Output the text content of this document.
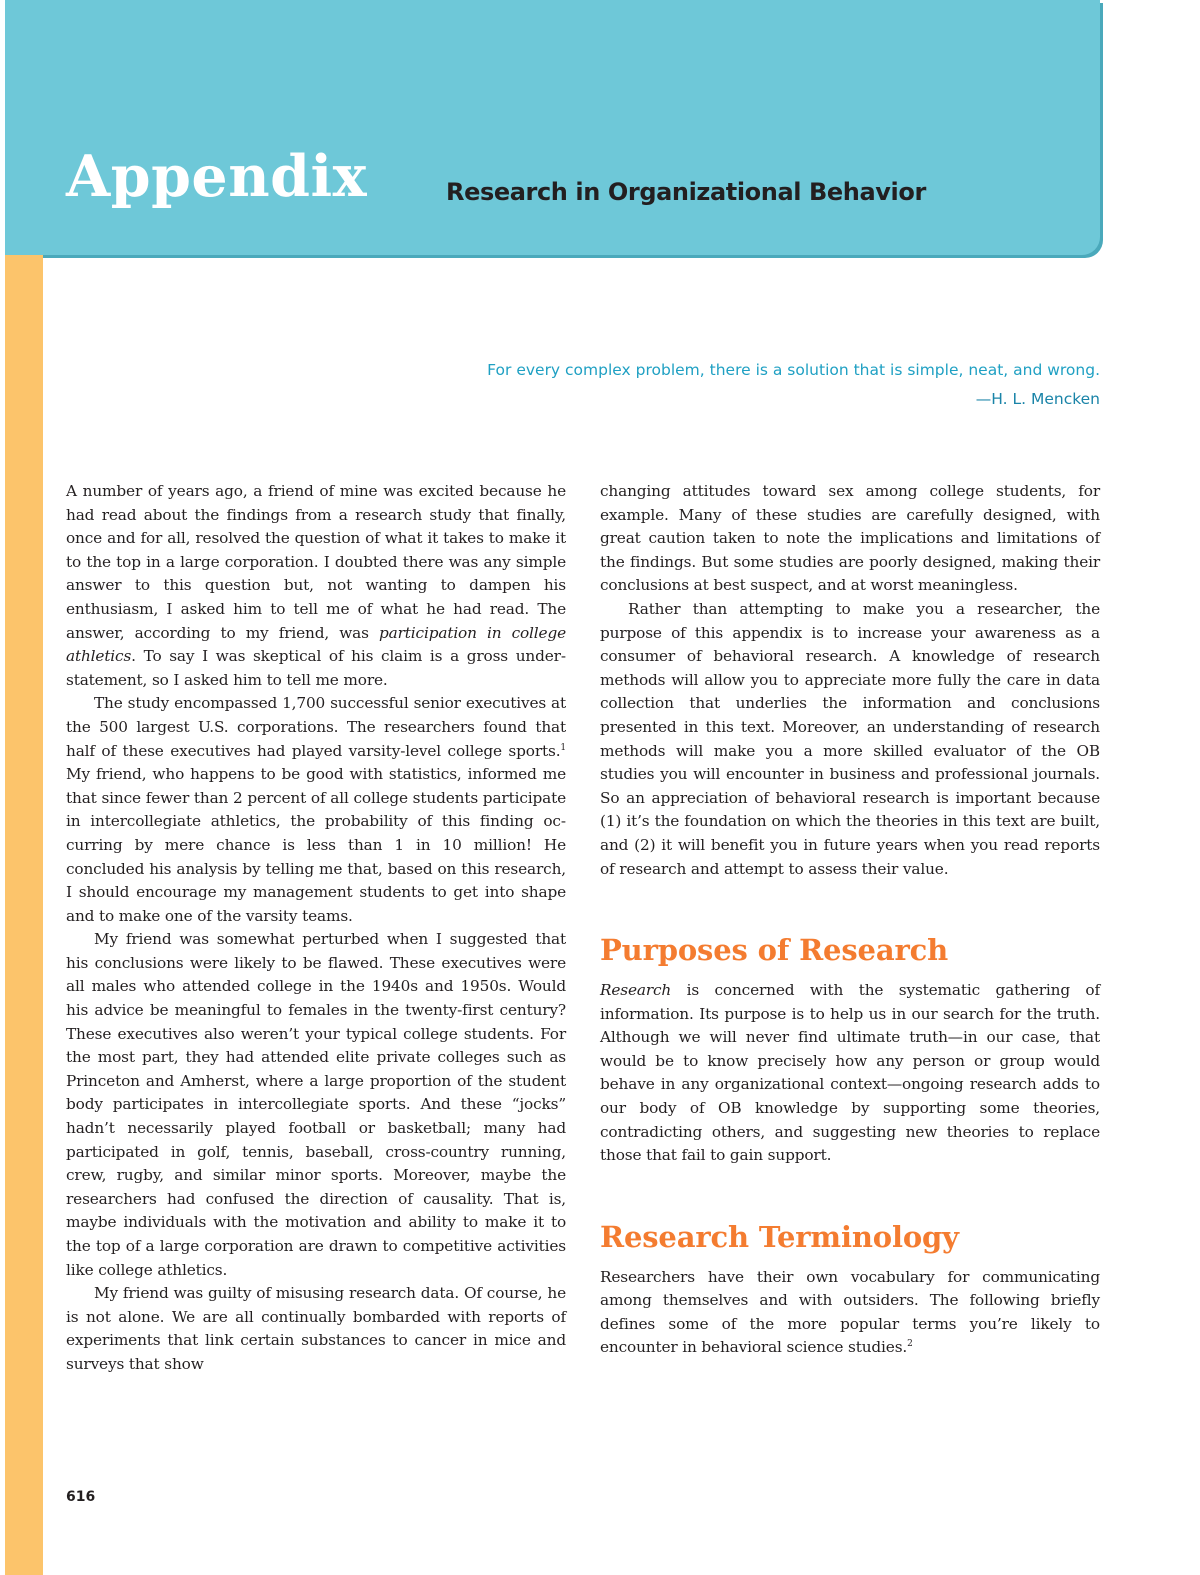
Appendix	Research in Organizational Behavior
For every complex problem, there is a solution that is simple, neat, and wrong.
—H. L. Mencken

A number of years ago, a friend of mine was excited because he had read about the findings from a research study that finally, once and for all, resolved the question of what it takes to make it to the top in a large corporation. I doubted there was any simple answer to this question but, not wanting to dampen his enthusiasm, I asked him to tell me of what he had read. The answer, according to my friend, was participation in college athletics. To say I was skeptical of his claim is a gross understatement, so I asked him to tell me more.

The study encompassed 1,700 successful senior executives at the 500 largest U.S. corporations. The researchers found that half of these executives had played varsity-level college sports.$^1$ My friend, who happens to be good with statistics, informed me that since fewer than 2 percent of all college students participate in intercollegiate athletics, the probability of this finding occurring by mere chance is less than 1 in 10 million! He concluded his analysis by telling me that, based on this research, I should encourage my management students to get into shape and to make one of the varsity teams.

My friend was somewhat perturbed when I suggested that his conclusions were likely to be flawed. These executives were all males who attended college in the 1940s and 1950s. Would his advice be meaningful to females in the twenty-first century? These executives also weren’t your typical college students. For the most part, they had attended elite private colleges such as Princeton and Amherst, where a large proportion of the student body participates in intercollegiate sports. And these “jocks” hadn’t necessarily played football or basketball; many had participated in golf, tennis, baseball, cross-country running, crew, rugby, and similar minor sports. Moreover, maybe the researchers had confused the direction of causality. That is, maybe individuals with the motivation and ability to make it to the top of a large corporation are drawn to competitive activities like college athletics.

My friend was guilty of misusing research data. Of course, he is not alone. We are all continually bombarded with reports of experiments that link certain substances to cancer in mice and surveys that show

changing attitudes toward sex among college students, for example. Many of these studies are carefully designed, with great caution taken to note the implications and limitations of the findings. But some studies are poorly designed, making their conclusions at best suspect, and at worst meaningless.

Rather than attempting to make you a researcher, the purpose of this appendix is to increase your awareness as a consumer of behavioral research. A knowledge of research methods will allow you to appreciate more fully the care in data collection that underlies the information and conclusions presented in this text. Moreover, an understanding of research methods will make you a more skilled evaluator of the OB studies you will encounter in business and professional journals. So an appreciation of behavioral research is important because (1) it’s the foundation on which the theories in this text are built, and (2) it will benefit you in future years when you read reports of research and attempt to assess their value.

Purposes of Research

Research is concerned with the systematic gathering of information. Its purpose is to help us in our search for the truth. Although we will never find ultimate truth—in our case, that would be to know precisely how any person or group would behave in any organizational context—ongoing research adds to our body of OB knowledge by supporting some theories, contradicting others, and suggesting new theories to replace those that fail to gain support.

Research Terminology

Researchers have their own vocabulary for communicating among themselves and with outsiders. The following briefly defines some of the more popular terms you’re likely to encounter in behavioral science studies.$^2$

616
